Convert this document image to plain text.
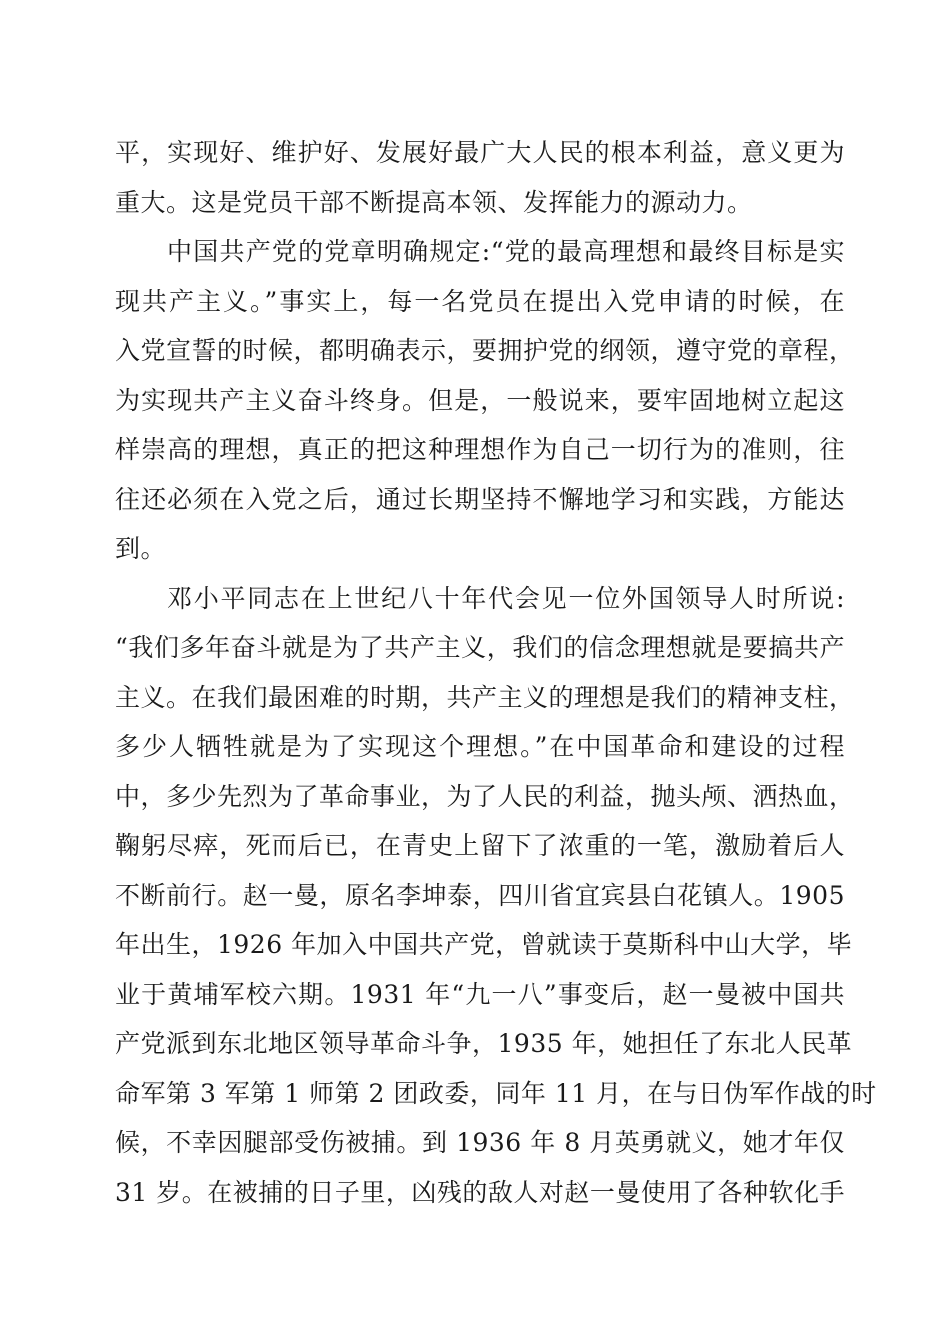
平，实现好、维护好、发展好最广大人民的根本利益，意义更为
重大。这是党员干部不断提高本领、发挥能力的源动力。
中国共产党的党章明确规定:“党的最高理想和最终目标是实
现共产主义。”事实上，每一名党员在提出入党申请的时候，在
入党宣誓的时候，都明确表示，要拥护党的纲领，遵守党的章程，
为实现共产主义奋斗终身。但是，一般说来，要牢固地树立起这
样崇高的理想，真正的把这种理想作为自己一切行为的准则，往
往还必须在入党之后，通过长期坚持不懈地学习和实践，方能达
到。
邓小平同志在上世纪八十年代会见一位外国领导人时所说:
“我们多年奋斗就是为了共产主义，我们的信念理想就是要搞共产
主义。在我们最困难的时期，共产主义的理想是我们的精神支柱，
多少人牺牲就是为了实现这个理想。”在中国革命和建设的过程
中，多少先烈为了革命事业，为了人民的利益，抛头颅、洒热血，
鞠躬尽瘁，死而后已，在青史上留下了浓重的一笔，激励着后人
不断前行。赵一曼，原名李坤泰，四川省宜宾县白花镇人。1905
年出生，1926 年加入中国共产党，曾就读于莫斯科中山大学，毕
业于黄埔军校六期。1931 年“九一八”事变后，赵一曼被中国共
产党派到东北地区领导革命斗争，1935 年，她担任了东北人民革
命军第 3 军第 1 师第 2 团政委，同年 11 月，在与日伪军作战的时
候，不幸因腿部受伤被捕。到 1936 年 8 月英勇就义，她才年仅
31 岁。在被捕的日子里，凶残的敌人对赵一曼使用了各种软化手
